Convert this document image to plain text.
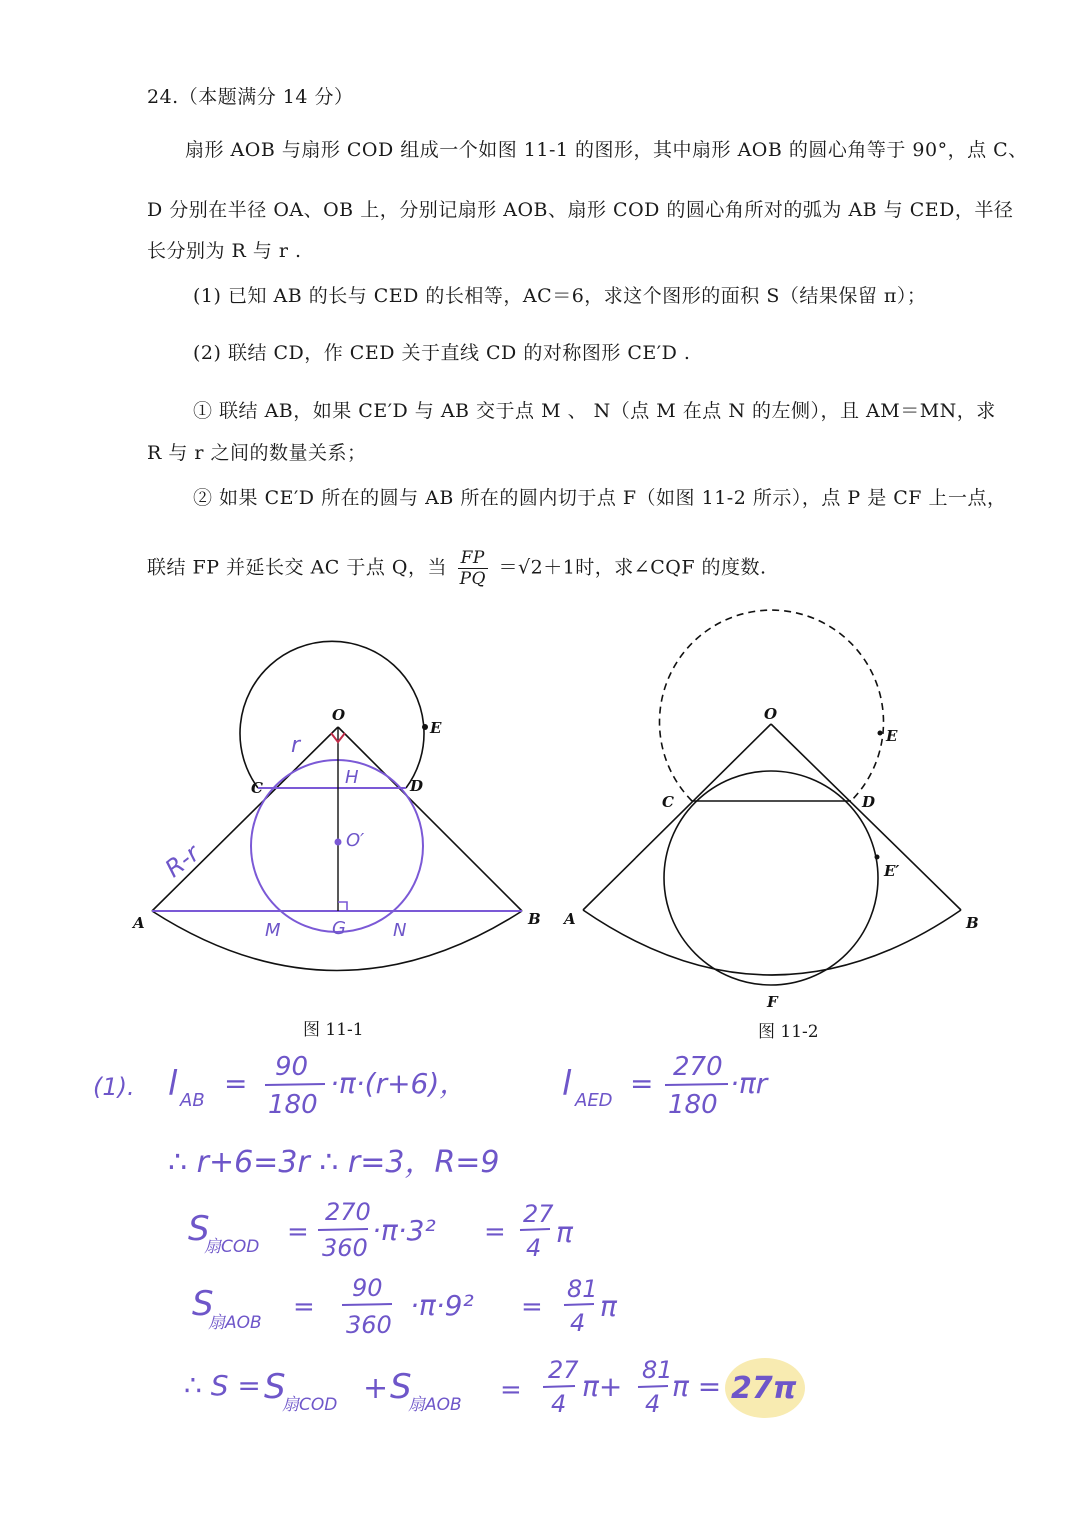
24.（本题满分 14 分）
扇形 AOB 与扇形 COD 组成一个如图 11-1 的图形，其中扇形 AOB 的圆心角等于 90°，点 C、
D 分别在半径 OA、OB 上，分别记扇形 AOB、扇形 COD 的圆心角所对的弧为 AB 与 CED，半径
长分别为 R 与 r .
(1) 已知 AB 的长与 CED 的长相等，AC＝6，求这个图形的面积 S（结果保留 π）；
(2) 联结 CD，作 CED 关于直线 CD 的对称图形 CE′D .
① 联结 AB，如果 CE′D 与 AB 交于点 M 、 N（点 M 在点 N 的左侧），且 AM＝MN，求
R 与 r 之间的数量关系；
② 如果 CE′D 所在的圆与 AB 所在的圆内切于点 F（如图 11-2 所示），点 P 是 CF 上一点，
联结 FP 并延长交 AC 于点 Q，当 $\frac{FP}{PQ} =√2+1$时，求∠CQF 的度数.
O
E
C	D
A	B
H
O′
M	G	N
r
R-r
O
E
C	D
E′
A	B
F
图 11-1	图 11-2
(1). l AB
= 90
180
·π·(r+6)，	l AED
= 270
180
·πr
∴ r+6=3r ∴ r=3，R=9
S
扇COD =
270
360
·π·3² =
27
4 π
S
扇AOB
=
90
360
·π·9² =
81
4 π
∴ S = S
扇COD + S
扇AOB =
27
4
π+ 81
4
π = 27π
